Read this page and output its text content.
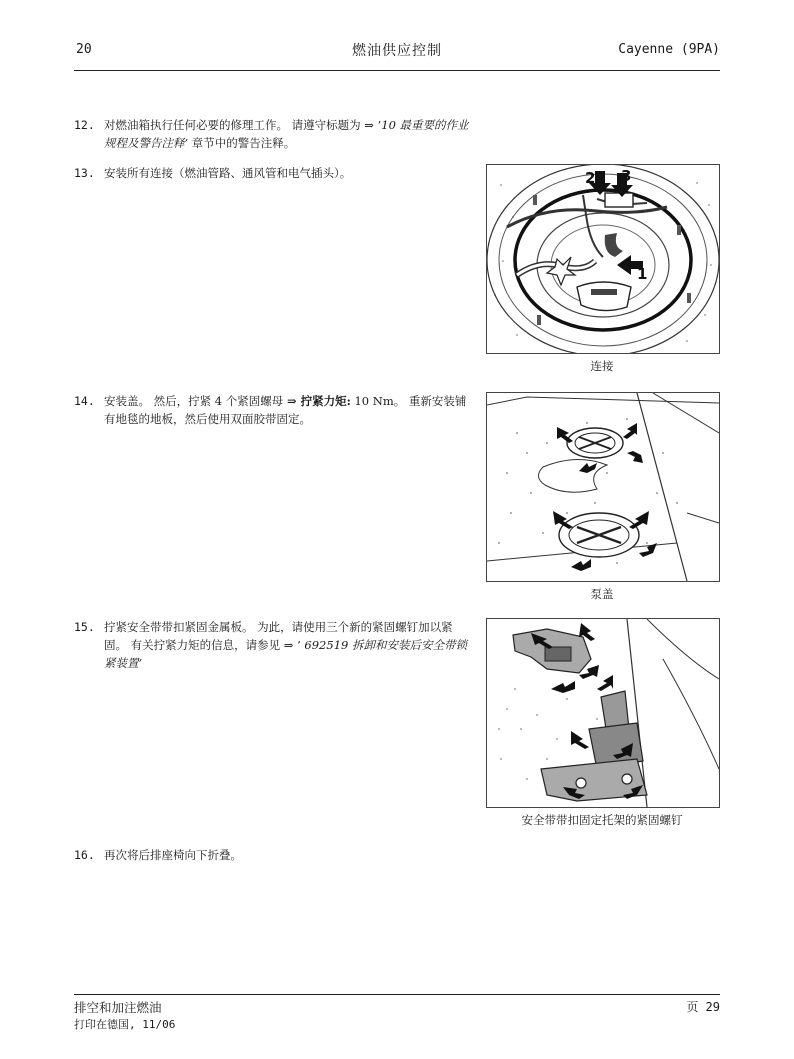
20	燃油供应控制	Cayenne (9PA)
12. 对燃油箱执行任何必要的修理工作。 请遵守标题为 ⇒ ’10 最重要的作业规程及警告注释’ 章节中的警告注释。
13. 安装所有连接（燃油管路、通风管和电气插头）。	2 3
1
连接
14. 安装盖。 然后，拧紧 4 个紧固螺母 ⇒ 拧紧力矩: 10 Nm。 重新安装铺有地毯的地板，然后使用双面胶带固定。
泵盖
15. 拧紧安全带带扣紧固金属板。 为此，请使用三个新的紧固螺钉加以紧固。 有关拧紧力矩的信息，请参见 ⇒ ’ 692519 拆卸和安装后安全带锁紧装置’
安全带带扣固定托架的紧固螺钉
16. 再次将后排座椅向下折叠。
排空和加注燃油
打印在德国, 11/06
页 29
